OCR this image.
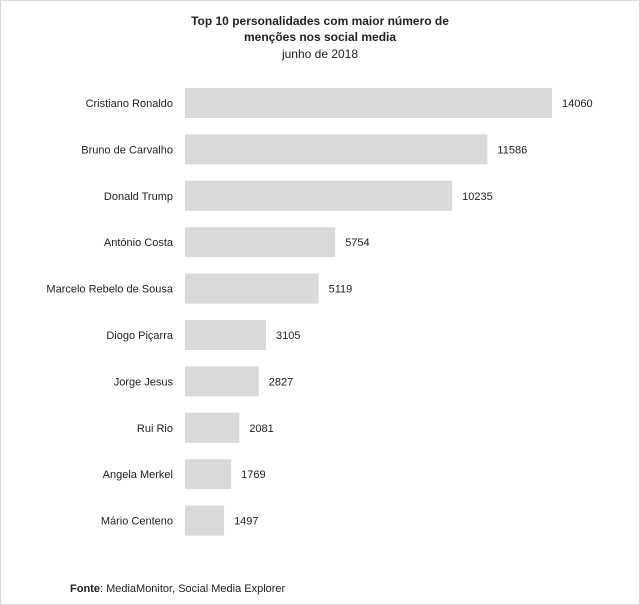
Top 10 personalidades com maior número de
menções nos social media
junho de 2018
Cristiano Ronaldo	14060
Bruno de Carvalho	11586
Donald Trump	10235
António Costa	5754
Marcelo Rebelo de Sousa	5119
Diogo Piçarra	3105
Jorge Jesus	2827
Rui Rio	2081
Angela Merkel	1769
Mário Centeno	1497
Fonte: MediaMonitor, Social Media Explorer
